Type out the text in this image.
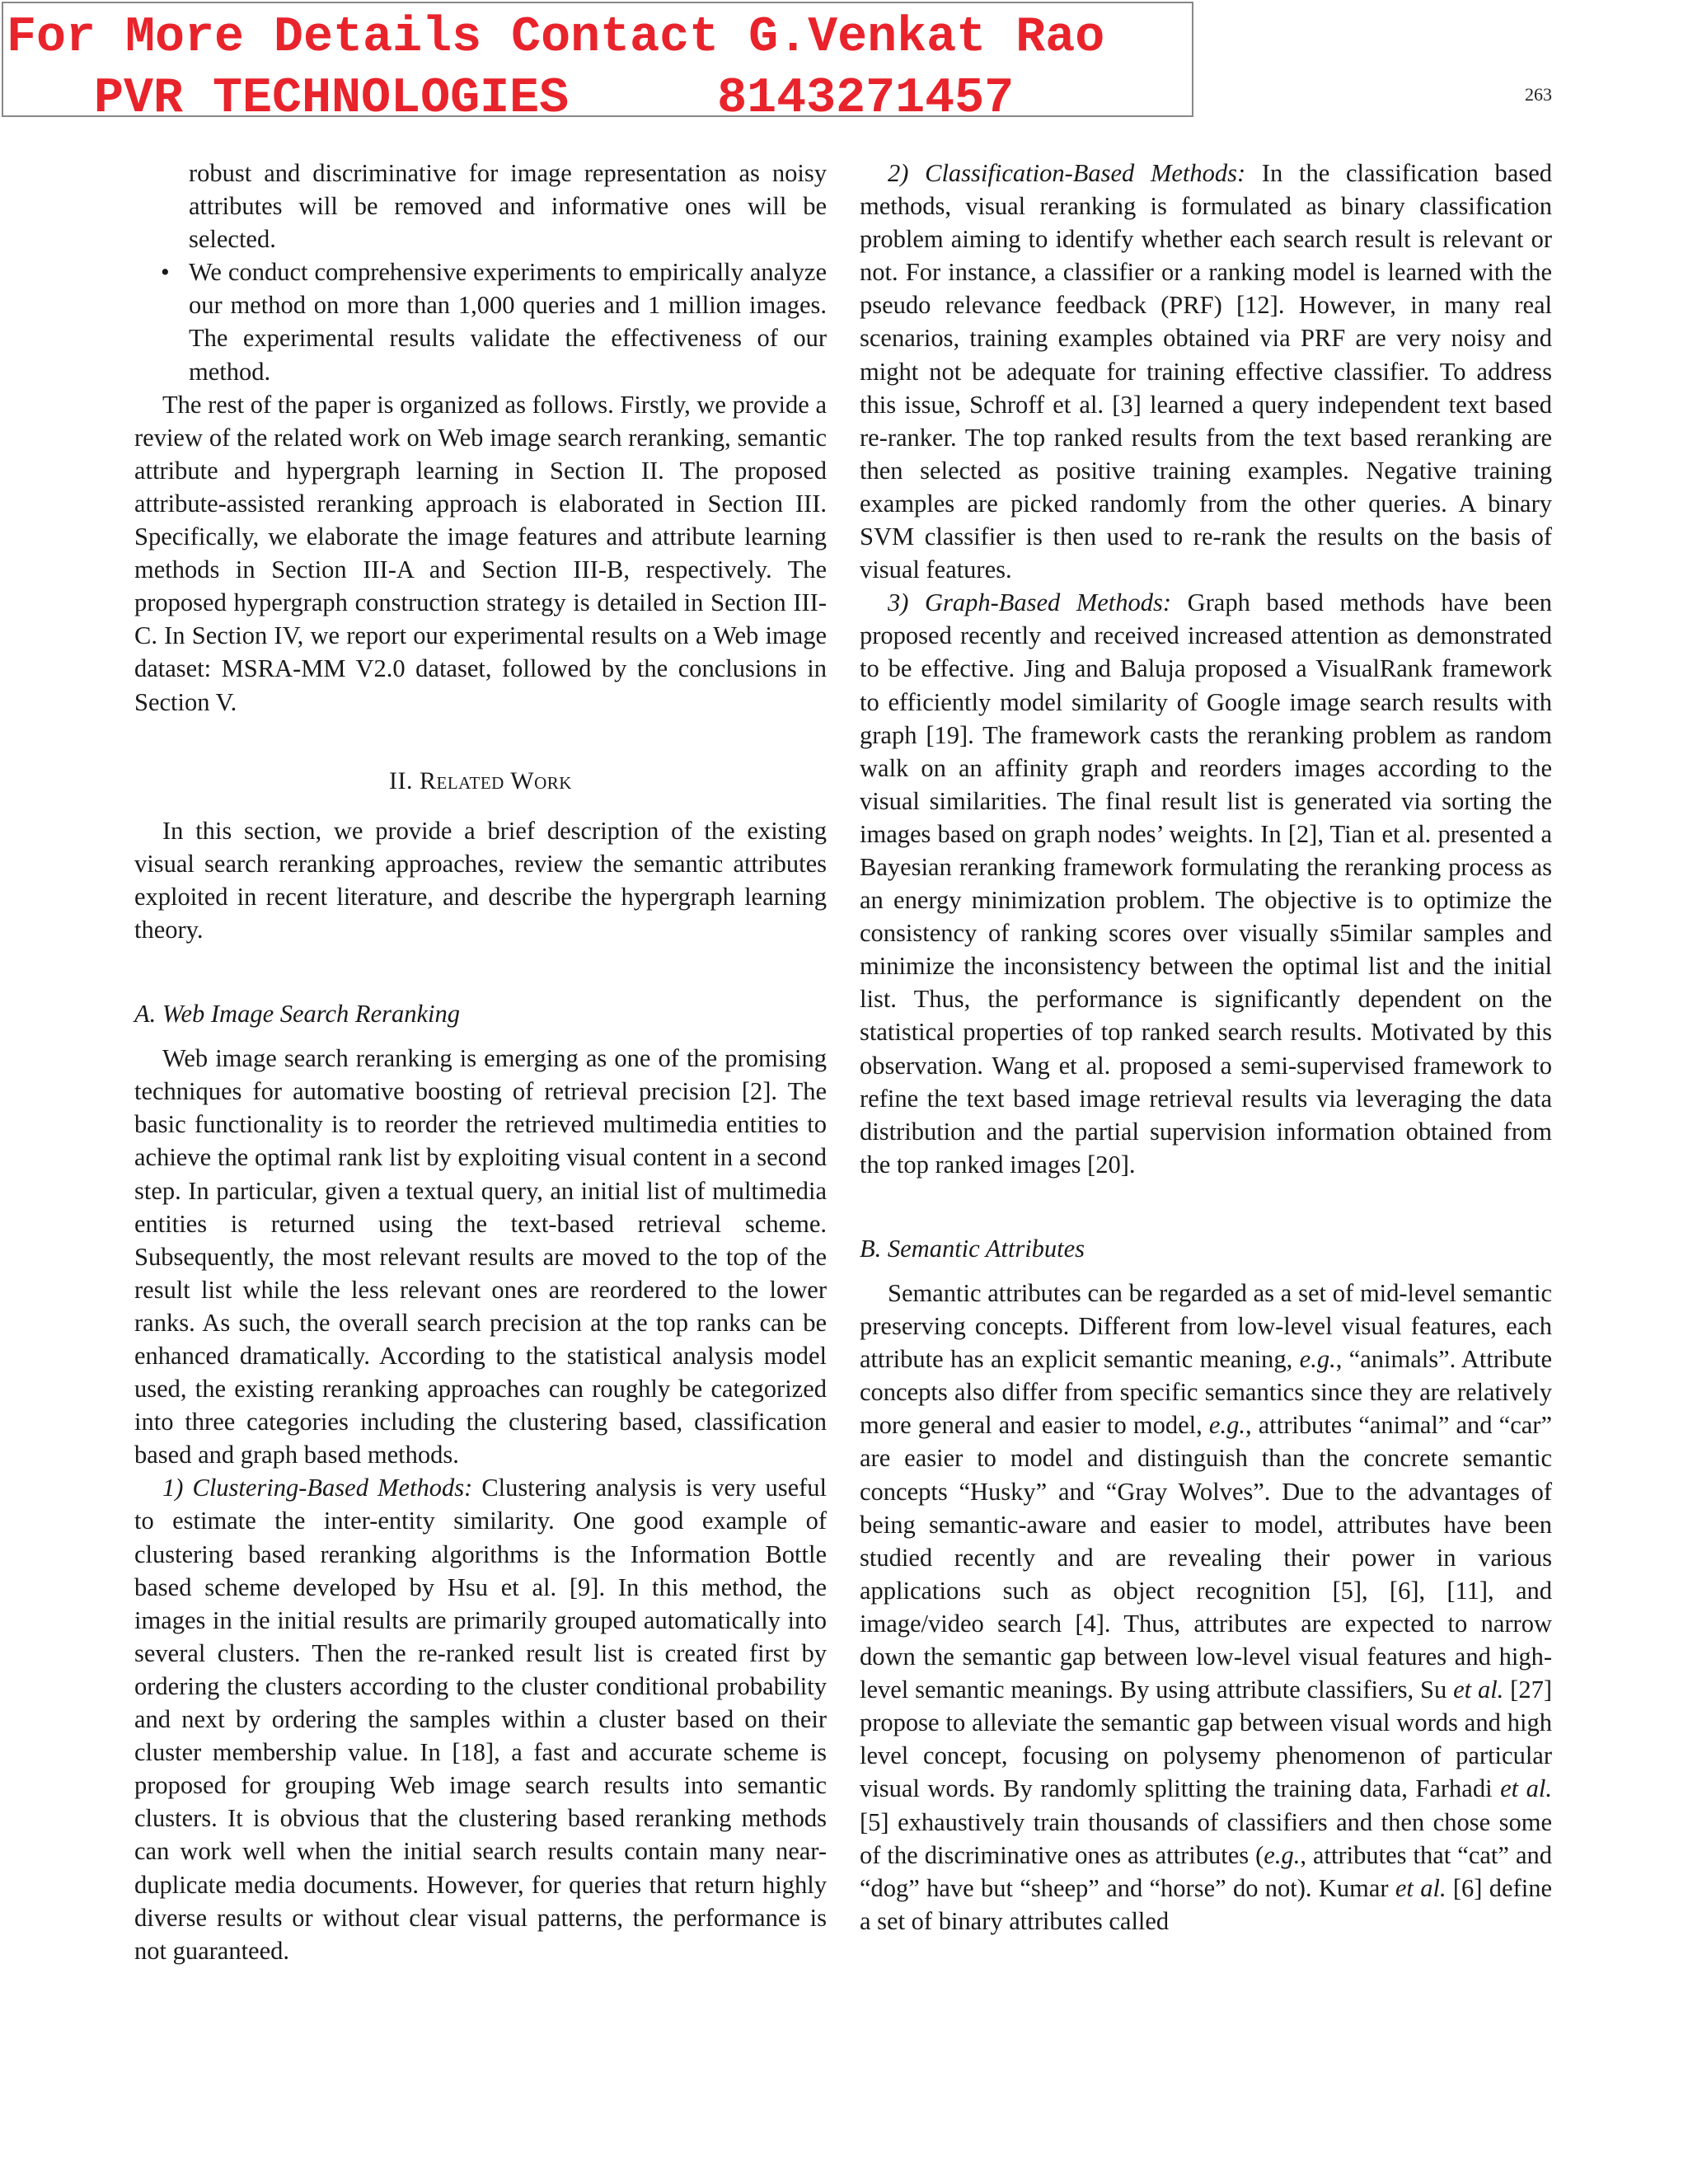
For More Details Contact G.Venkat Rao
PVR TECHNOLOGIES     8143271457	263
robust and discriminative for image representation as noisy attributes will be removed and informative ones will be selected.
• We conduct comprehensive experiments to empirically analyze our method on more than 1,000 queries and 1 million images. The experimental results validate the effectiveness of our method.

The rest of the paper is organized as follows. Firstly, we provide a review of the related work on Web image search reranking, semantic attribute and hypergraph learning in Section II. The proposed attribute-assisted reranking approach is elaborated in Section III. Specifically, we elaborate the image features and attribute learning methods in Section III-A and Section III-B, respectively. The proposed hypergraph construction strategy is detailed in Section III-C. In Section IV, we report our experimental results on a Web image dataset: MSRA-MM V2.0 dataset, followed by the conclusions in Section V.

II. Related Work

In this section, we provide a brief description of the existing visual search reranking approaches, review the semantic attributes exploited in recent literature, and describe the hypergraph learning theory.

A. Web Image Search Reranking

Web image search reranking is emerging as one of the promising techniques for automative boosting of retrieval precision [2]. The basic functionality is to reorder the retrieved multimedia entities to achieve the optimal rank list by exploiting visual content in a second step. In particular, given a textual query, an initial list of multimedia entities is returned using the text-based retrieval scheme. Subsequently, the most relevant results are moved to the top of the result list while the less relevant ones are reordered to the lower ranks. As such, the overall search precision at the top ranks can be enhanced dramatically. According to the statistical analysis model used, the existing reranking approaches can roughly be categorized into three categories including the clustering based, classification based and graph based methods.

1) Clustering-Based Methods: Clustering analysis is very useful to estimate the inter-entity similarity. One good example of clustering based reranking algorithms is the Information Bottle based scheme developed by Hsu et al. [9]. In this method, the images in the initial results are primarily grouped automatically into several clusters. Then the re-ranked result list is created first by ordering the clusters according to the cluster conditional probability and next by ordering the samples within a cluster based on their cluster membership value. In [18], a fast and accurate scheme is proposed for grouping Web image search results into semantic clusters. It is obvious that the clustering based reranking methods can work well when the initial search results contain many near-duplicate media documents. However, for queries that return highly diverse results or without clear visual patterns, the performance is not guaranteed.

2) Classification-Based Methods: In the classification based methods, visual reranking is formulated as binary classification problem aiming to identify whether each search result is relevant or not. For instance, a classifier or a ranking model is learned with the pseudo relevance feedback (PRF) [12]. However, in many real scenarios, training examples obtained via PRF are very noisy and might not be adequate for training effective classifier. To address this issue, Schroff et al. [3] learned a query independent text based re-ranker. The top ranked results from the text based reranking are then selected as positive training examples. Negative training examples are picked randomly from the other queries. A binary SVM classifier is then used to re-rank the results on the basis of visual features.

3) Graph-Based Methods: Graph based methods have been proposed recently and received increased attention as demonstrated to be effective. Jing and Baluja proposed a VisualRank framework to efficiently model similarity of Google image search results with graph [19]. The framework casts the reranking problem as random walk on an affinity graph and reorders images according to the visual similarities. The final result list is generated via sorting the images based on graph nodes’ weights. In [2], Tian et al. presented a Bayesian reranking framework formulating the reranking process as an energy minimization problem. The objective is to optimize the consistency of ranking scores over visually s5imilar samples and minimize the inconsistency between the optimal list and the initial list. Thus, the performance is significantly dependent on the statistical properties of top ranked search results. Motivated by this observation. Wang et al. proposed a semi-supervised framework to refine the text based image retrieval results via leveraging the data distribution and the partial supervision information obtained from the top ranked images [20].

B. Semantic Attributes

Semantic attributes can be regarded as a set of mid-level semantic preserving concepts. Different from low-level visual features, each attribute has an explicit semantic meaning, e.g., “animals”. Attribute concepts also differ from specific semantics since they are relatively more general and easier to model, e.g., attributes “animal” and “car” are easier to model and distinguish than the concrete semantic concepts “Husky” and “Gray Wolves”. Due to the advantages of being semantic-aware and easier to model, attributes have been studied recently and are revealing their power in various applications such as object recognition [5], [6], [11], and image/video search [4]. Thus, attributes are expected to narrow down the semantic gap between low-level visual features and high-level semantic meanings. By using attribute classifiers, Su et al. [27] propose to alleviate the semantic gap between visual words and high level concept, focusing on polysemy phenomenon of particular visual words. By randomly splitting the training data, Farhadi et al. [5] exhaustively train thousands of classifiers and then chose some of the discriminative ones as attributes (e.g., attributes that “cat” and “dog” have but “sheep” and “horse” do not). Kumar et al. [6] define a set of binary attributes called
